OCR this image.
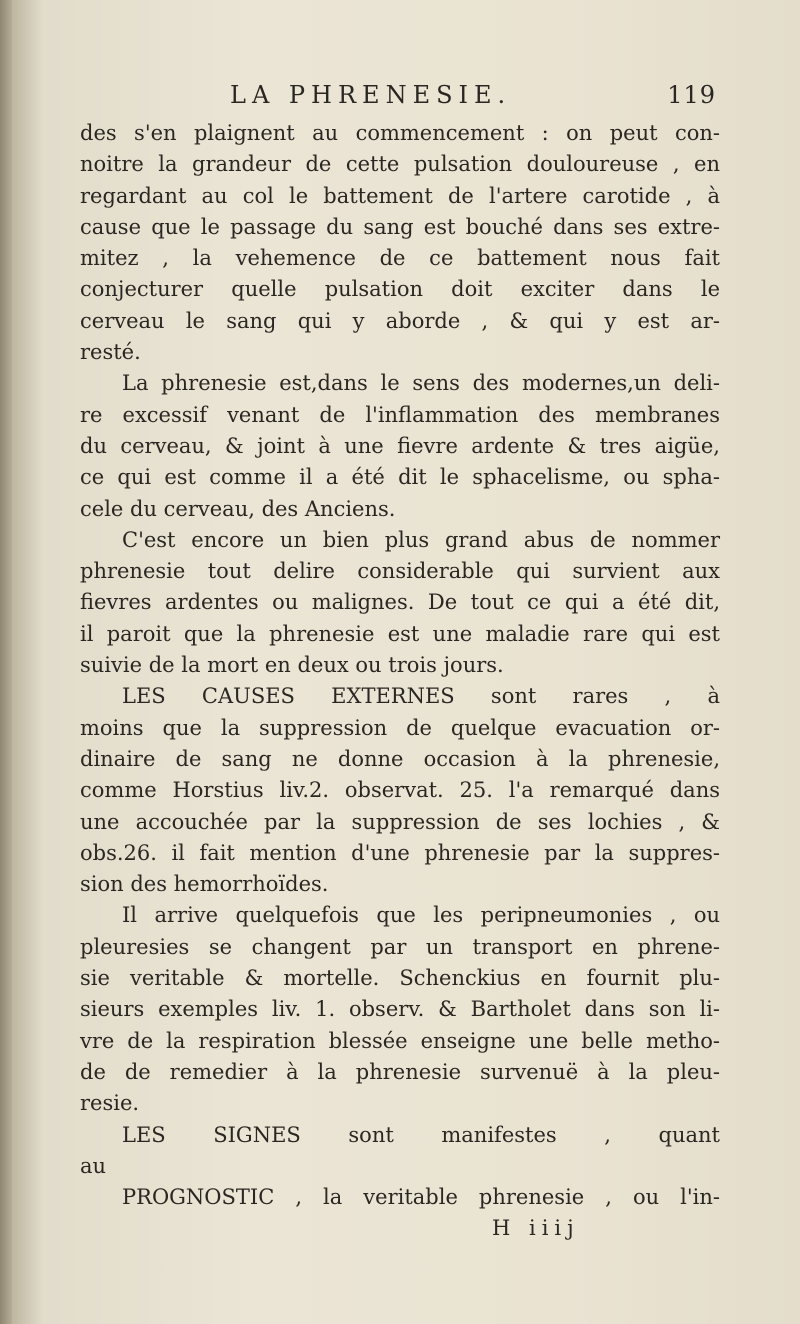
LA PHRENESIE.	119
des s'en plaignent au commencement : on peut con-
noitre la grandeur de cette pulsation douloureuse , en
regardant au col le battement de l'artere carotide , à
cause que le passage du sang est bouché dans ses extre-
mitez , la vehemence de ce battement nous fait
conjecturer quelle pulsation doit exciter dans le
cerveau le sang qui y aborde , & qui y est ar-
resté.
La phrenesie est,dans le sens des modernes,un deli-
re excessif venant de l'inflammation des membranes
du cerveau, & joint à une fievre ardente & tres aigüe,
ce qui est comme il a été dit le sphacelisme, ou spha-
cele du cerveau, des Anciens.
C'est encore un bien plus grand abus de nommer
phrenesie tout delire considerable qui survient aux
fievres ardentes ou malignes. De tout ce qui a été dit,
il paroit que la phrenesie est une maladie rare qui est
suivie de la mort en deux ou trois jours.
LES CAUSES EXTERNES sont rares , à
moins que la suppression de quelque evacuation or-
dinaire de sang ne donne occasion à la phrenesie,
comme Horstius liv.2. observat. 25. l'a remarqué dans
une accouchée par la suppression de ses lochies , &
obs.26. il fait mention d'une phrenesie par la suppres-
sion des hemorrhoïdes.
Il arrive quelquefois que les peripneumonies , ou
pleuresies se changent par un transport en phrene-
sie veritable & mortelle. Schenckius en fournit plu-
sieurs exemples liv. 1. observ. & Bartholet dans son li-
vre de la respiration blessée enseigne une belle metho-
de de remedier à la phrenesie survenuë à la pleu-
resie.
LES SIGNES sont manifestes , quant
au
PROGNOSTIC , la veritable phrenesie , ou l'in-
H iiij
